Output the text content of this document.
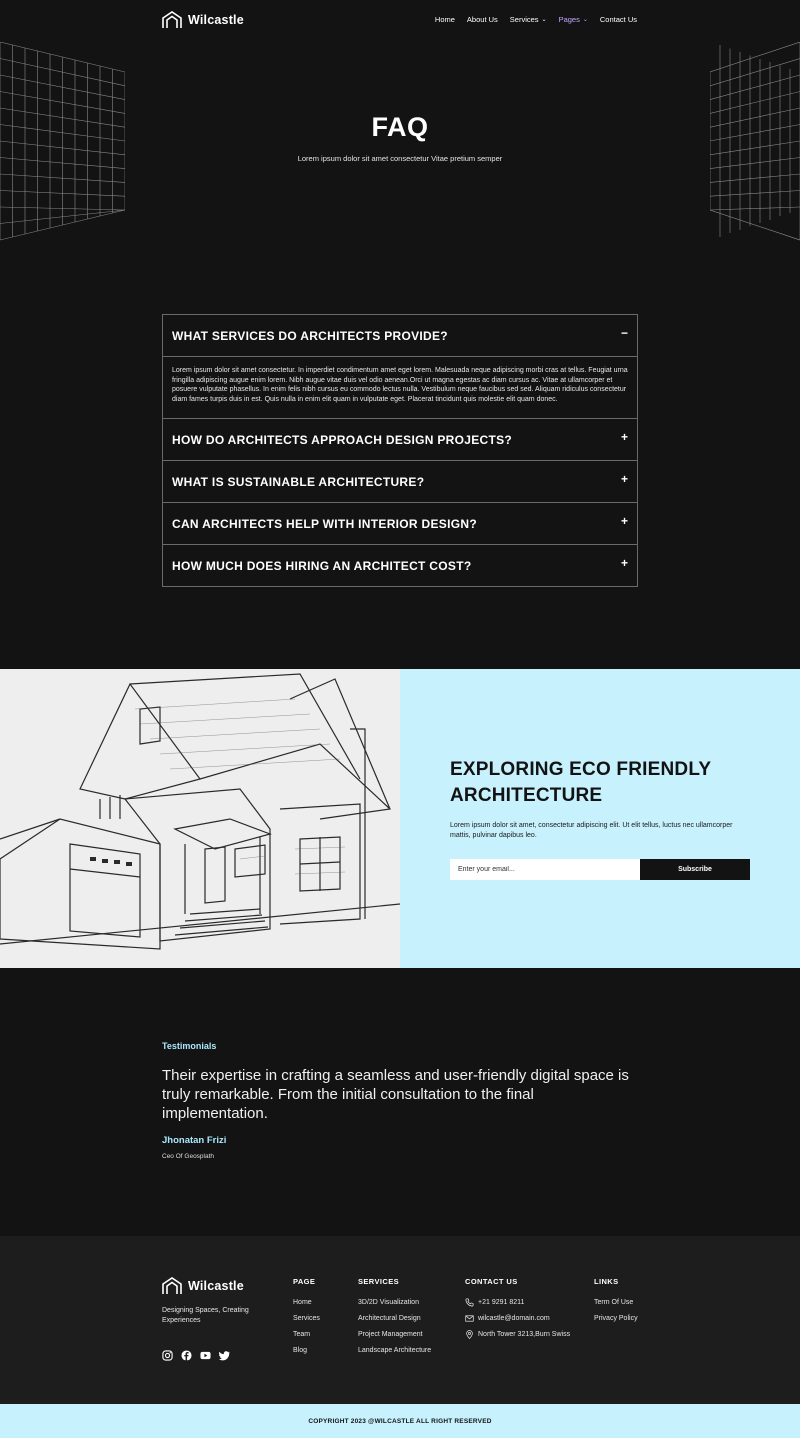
Wilcastle	Home About Us Services ⌄ Pages ⌄ Contact Us
FAQ

Lorem ipsum dolor sit amet consectetur Vitae pretium semper

WHAT SERVICES DO ARCHITECTS PROVIDE?	−
Lorem ipsum dolor sit amet consectetur. In imperdiet condimentum amet eget lorem. Malesuada neque adipiscing morbi cras at tellus. Feugiat urna fringilla adipiscing augue enim lorem. Nibh augue vitae duis vel odio aenean.Orci ut magna egestas ac diam cursus ac. Vitae at ullamcorper et posuere vulputate phasellus. In enim felis nibh cursus eu commodo lectus nulla. Vestibulum neque faucibus sed sed. Aliquam ridiculus consectetur diam fames turpis duis in est. Quis nulla in enim elit quam in vulputate eget. Placerat tincidunt quis molestie elit quam donec.
HOW DO ARCHITECTS APPROACH DESIGN PROJECTS?	+
WHAT IS SUSTAINABLE ARCHITECTURE?	+
CAN ARCHITECTS HELP WITH INTERIOR DESIGN?	+
HOW MUCH DOES HIRING AN ARCHITECT COST?	+
EXPLORING ECO FRIENDLY ARCHITECTURE

Lorem ipsum dolor sit amet, consectetur adipiscing elit. Ut elit tellus, luctus nec ullamcorper mattis, pulvinar dapibus leo.

Enter your email...
Subscribe
Testimonials

Their expertise in crafting a seamless and user-friendly digital space is truly remarkable. From the initial consultation to the final implementation.

Jhonatan Frizi
Ceo Of Geosplath
Wilcastle

Designing Spaces, Creating Experiences

PAGE
Home
Services
Team
Blog
SERVICES
3D/2D Visualization
Architectural Design
Project Management
Landscape Architecture
CONTACT US
+21 9291 8211
wilcastle@domain.com
North Tower 3213,Burn Swiss
LINKS
Term Of Use
Privacy Policy
COPYRIGHT 2023 @WILCASTLE ALL RIGHT RESERVED
